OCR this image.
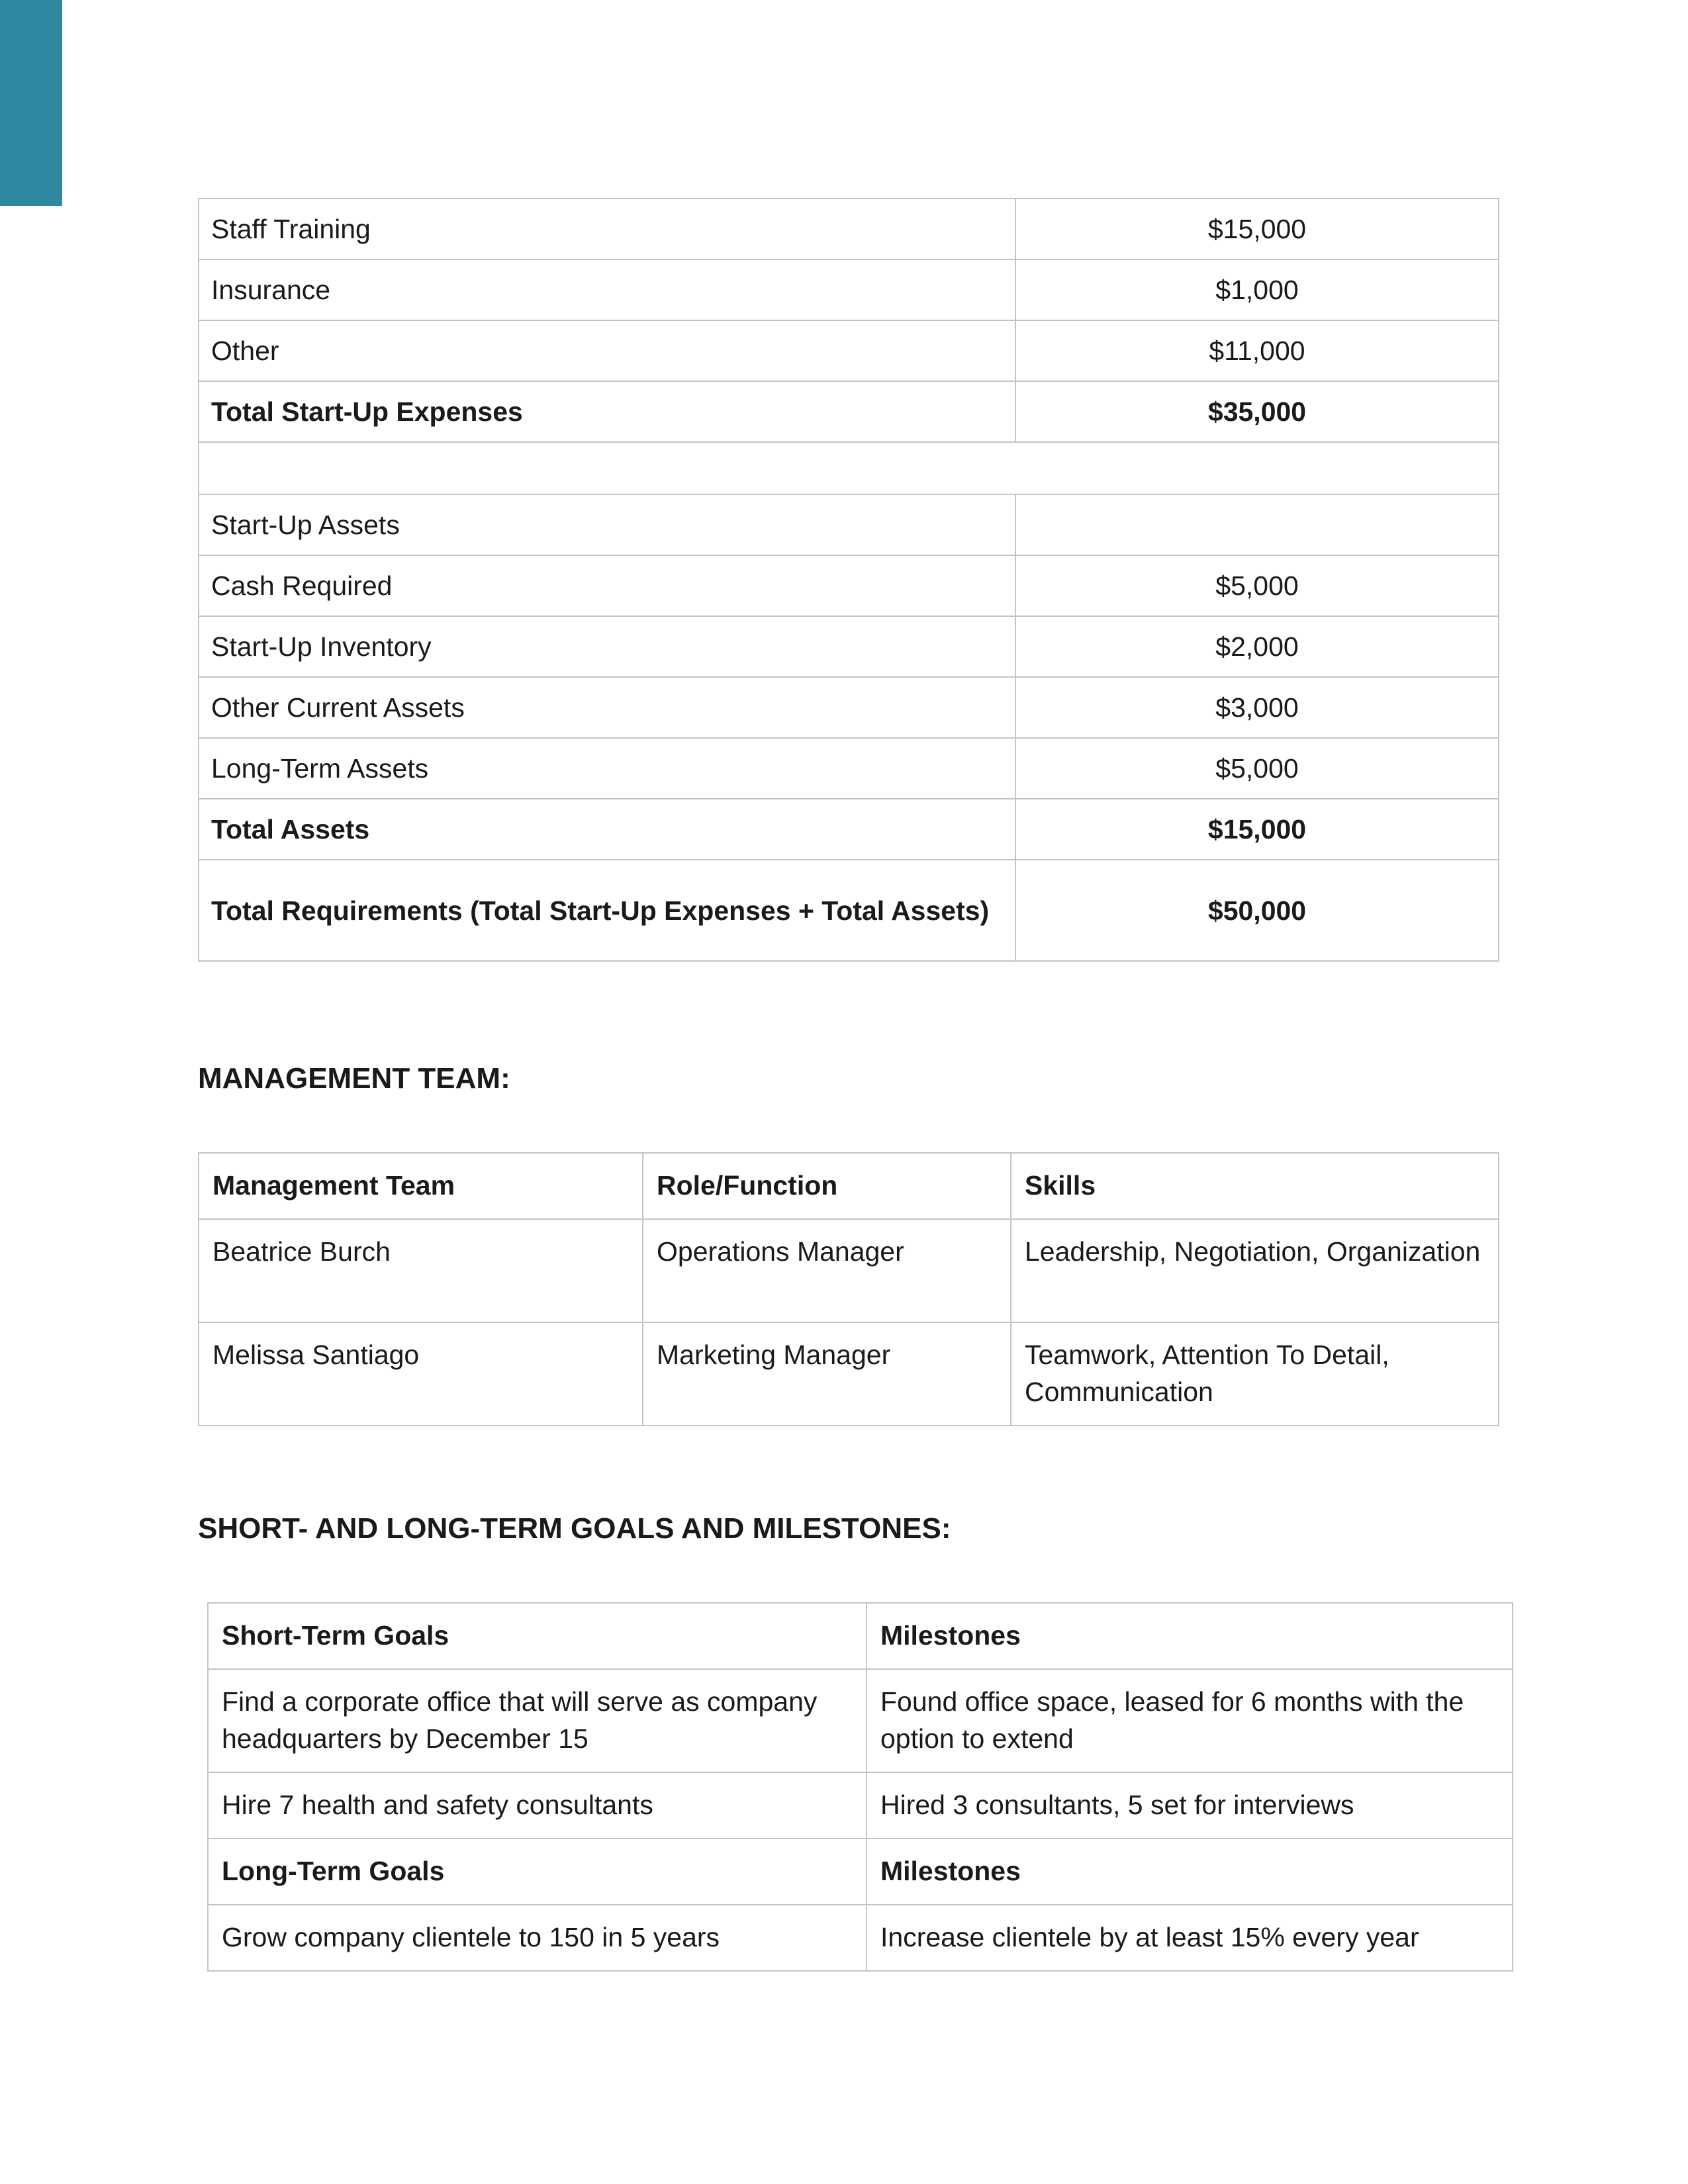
Staff Training	$15,000
Insurance	$1,000
Other	$11,000
Total Start-Up Expenses	$35,000

Start-Up Assets	
Cash Required	$5,000
Start-Up Inventory	$2,000
Other Current Assets	$3,000
Long-Term Assets	$5,000
Total Assets	$15,000
Total Requirements (Total Start-Up Expenses + Total Assets)	$50,000
MANAGEMENT TEAM:
Management Team	Role/Function	Skills
Beatrice Burch	Operations Manager	Leadership, Negotiation, Organization
Melissa Santiago	Marketing Manager	Teamwork, Attention To Detail, Communication
SHORT- AND LONG-TERM GOALS AND MILESTONES:
Short-Term Goals	Milestones
Find a corporate office that will serve as company headquarters by December 15	Found office space, leased for 6 months with the option to extend
Hire 7 health and safety consultants	Hired 3 consultants, 5 set for interviews
Long-Term Goals	Milestones
Grow company clientele to 150 in 5 years	Increase clientele by at least 15% every year
